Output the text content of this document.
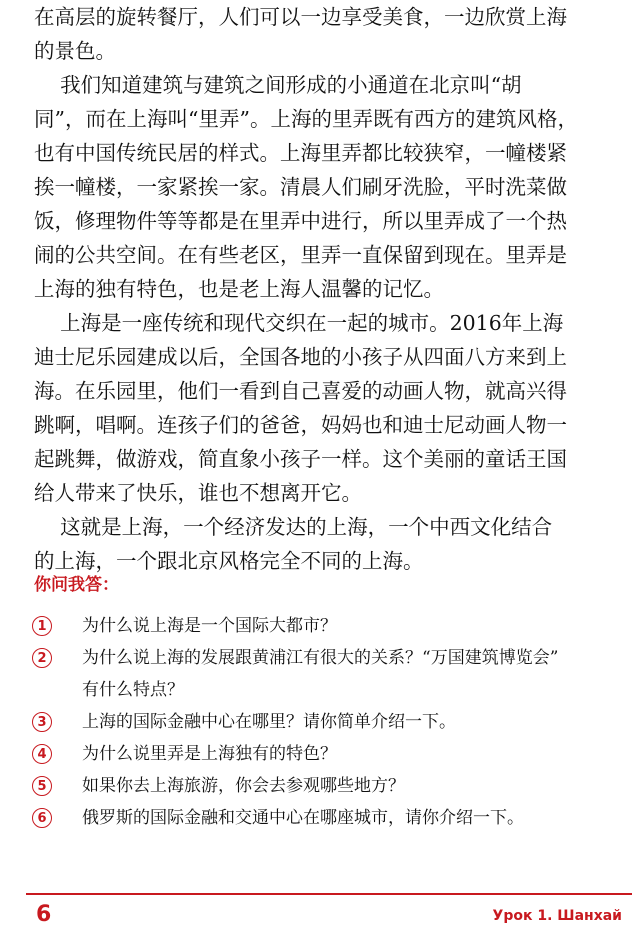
在高层的旋转餐厅，人们可以一边享受美食，一边欣赏上海
的景色。
我们知道建筑与建筑之间形成的小通道在北京叫“胡
同”，而在上海叫“里弄”。上海的里弄既有西方的建筑风格，
也有中国传统民居的样式。上海里弄都比较狭窄，一幢楼紧
挨一幢楼，一家紧挨一家。清晨人们刷牙洗脸，平时洗菜做
饭，修理物件等等都是在里弄中进行，所以里弄成了一个热
闹的公共空间。在有些老区，里弄一直保留到现在。里弄是
上海的独有特色，也是老上海人温馨的记忆。
上海是一座传统和现代交织在一起的城市。2016年上海
迪士尼乐园建成以后，全国各地的小孩子从四面八方来到上
海。在乐园里，他们一看到自己喜爱的动画人物，就高兴得
跳啊，唱啊。连孩子们的爸爸，妈妈也和迪士尼动画人物一
起跳舞，做游戏，简直象小孩子一样。这个美丽的童话王国
给人带来了快乐，谁也不想离开它。
这就是上海，一个经济发达的上海，一个中西文化结合
的上海，一个跟北京风格完全不同的上海。
你问我答：
1	为什么说上海是一个国际大都市？
2	为什么说上海的发展跟黄浦江有很大的关系？“万国建筑博览会”
有什么特点？
3	上海的国际金融中心在哪里？请你简单介绍一下。
4	为什么说里弄是上海独有的特色？
5	如果你去上海旅游，你会去参观哪些地方？
6	俄罗斯的国际金融和交通中心在哪座城市，请你介绍一下。
6	Урок 1. Шанхай
